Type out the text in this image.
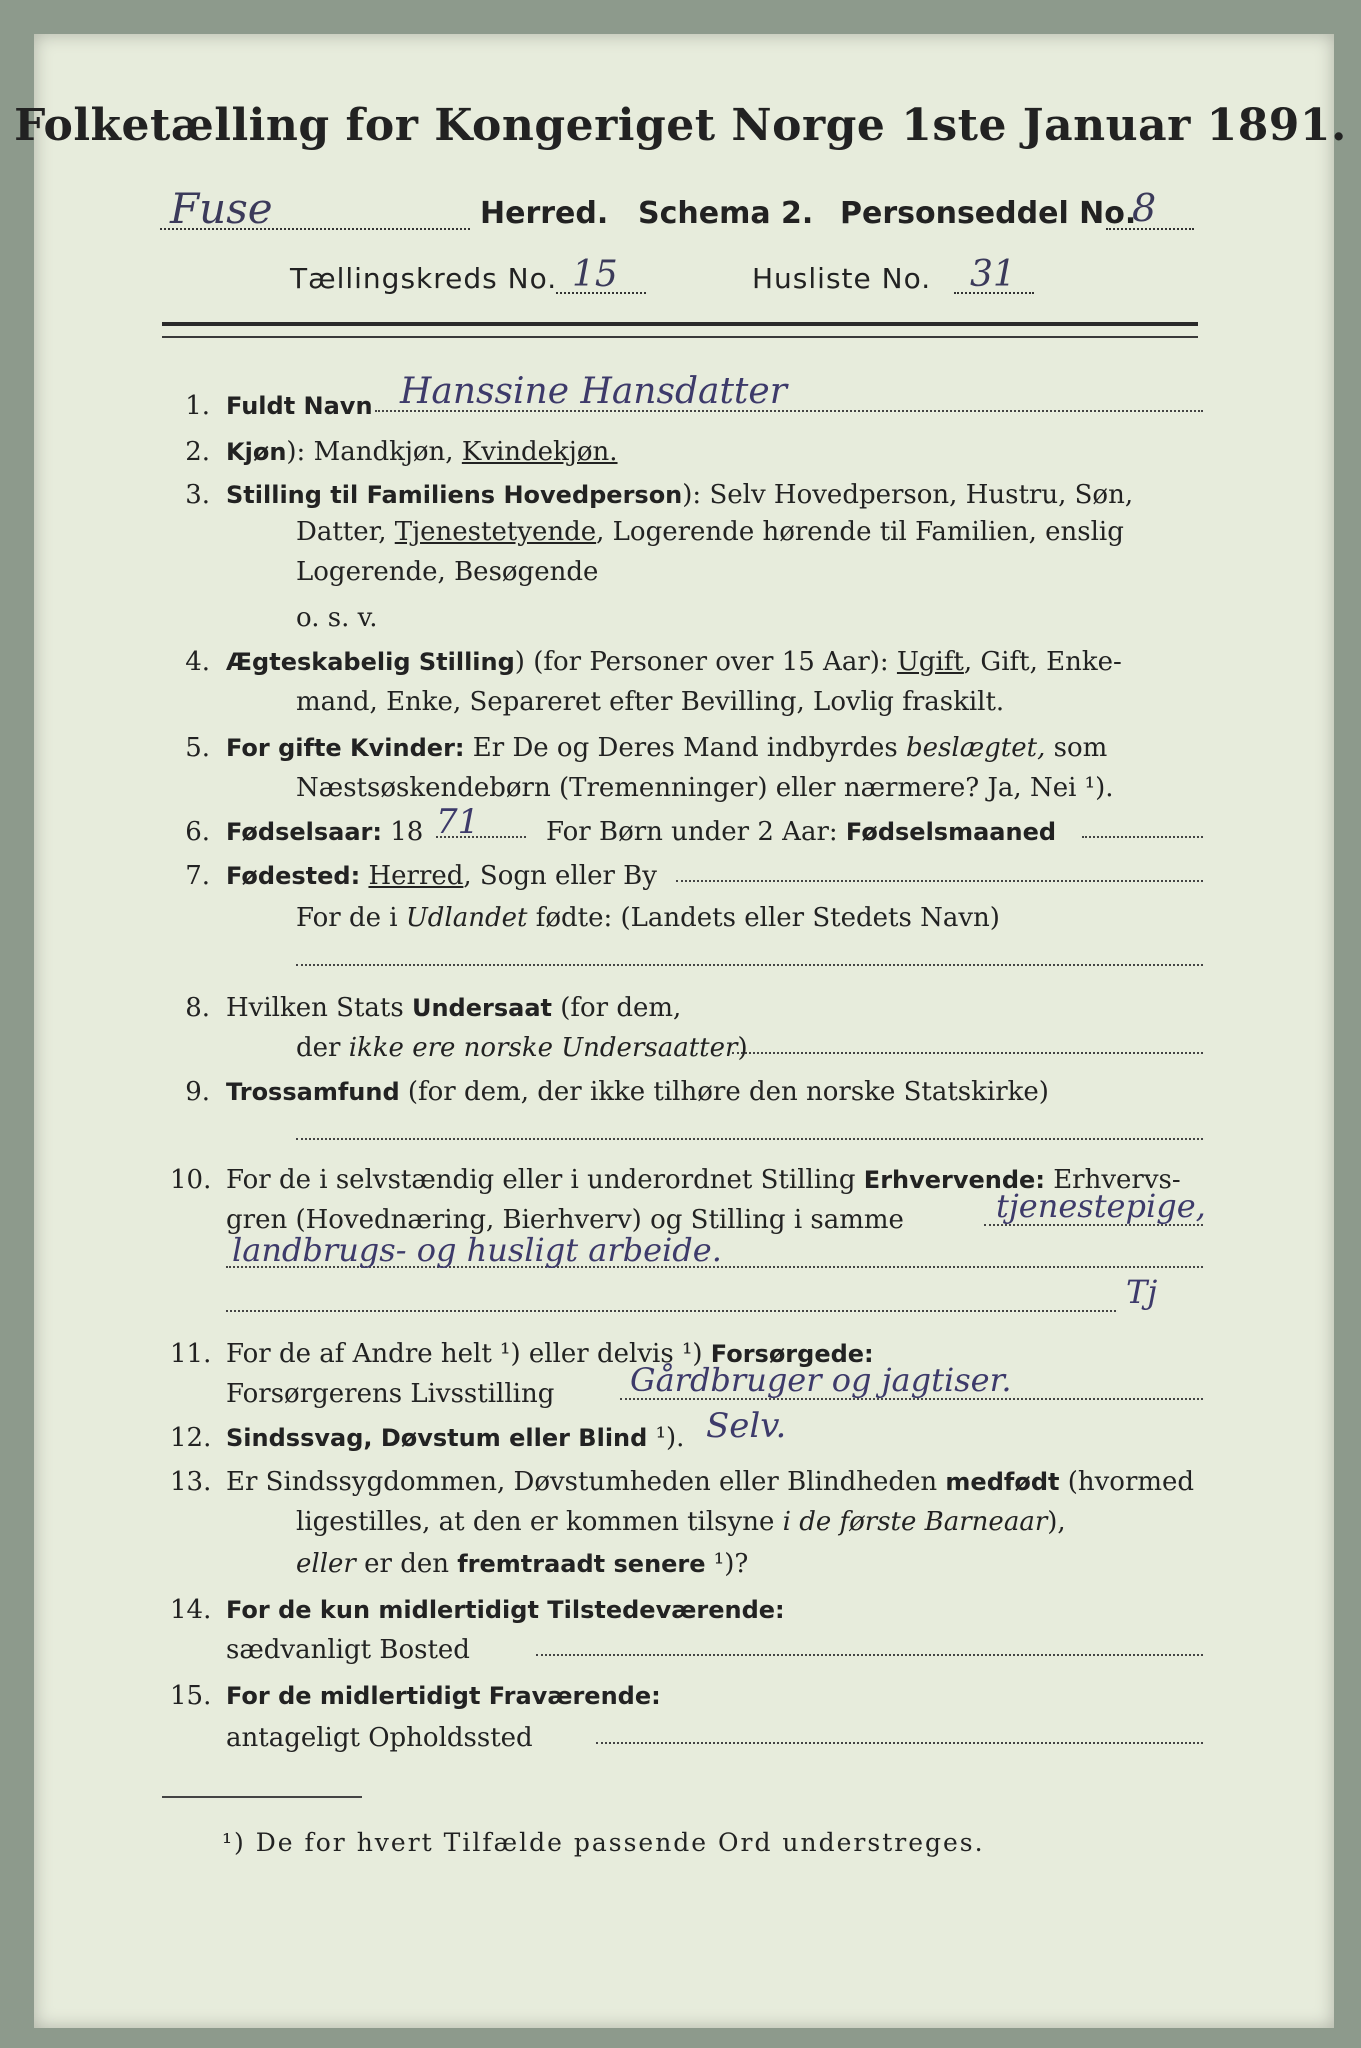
Folketælling for Kongeriget Norge 1ste Januar 1891.
Fuse	Herred. Schema 2. Personseddel No.
8
Tællingskreds No. 15	Husliste No. 31
1. Fuldt Navn Hanssine Hansdatter
2. Kjøn): Mandkjøn, Kvindekjøn.
3. Stilling til Familiens Hovedperson): Selv Hovedperson, Hustru, Søn,
Datter, Tjenestetyende, Logerende hørende til Familien, enslig
Logerende, Besøgende
o. s. v.
4. Ægteskabelig Stilling) (for Personer over 15 Aar): Ugift, Gift, Enke-
mand, Enke, Separeret efter Bevilling, Lovlig fraskilt.
5. For gifte Kvinder: Er De og Deres Mand indbyrdes beslægtet, som
Næstsøskendebørn (Tremenninger) eller nærmere? Ja, Nei ¹).
6. Fødselsaar: 18 71	For Børn under 2 Aar: Fødselsmaaned
7. Fødested: Herred, Sogn eller By
For de i Udlandet fødte: (Landets eller Stedets Navn)
8. Hvilken Stats Undersaat (for dem,
der ikke ere norske Undersaatter)
9. Trossamfund (for dem, der ikke tilhøre den norske Statskirke)
10. For de i selvstændig eller i underordnet Stilling Erhvervende: Erhvervs-
gren (Hovednæring, Bierhverv) og Stilling i samme	tjenestepige,
landbrugs- og husligt arbeide.
Tj
11. For de af Andre helt ¹) eller delvis ¹) Forsørgede:
Forsørgerens Livsstilling Gårdbruger og jagtiser.
12. Sindssvag, Døvstum eller Blind ¹). Selv.
13. Er Sindssygdommen, Døvstumheden eller Blindheden medfødt (hvormed
ligestilles, at den er kommen tilsyne i de første Barneaar),
eller er den fremtraadt senere ¹)?
14. For de kun midlertidigt Tilstedeværende:
sædvanligt Bosted
15. For de midlertidigt Fraværende:
antageligt Opholdssted
¹) De for hvert Tilfælde passende Ord understreges.
